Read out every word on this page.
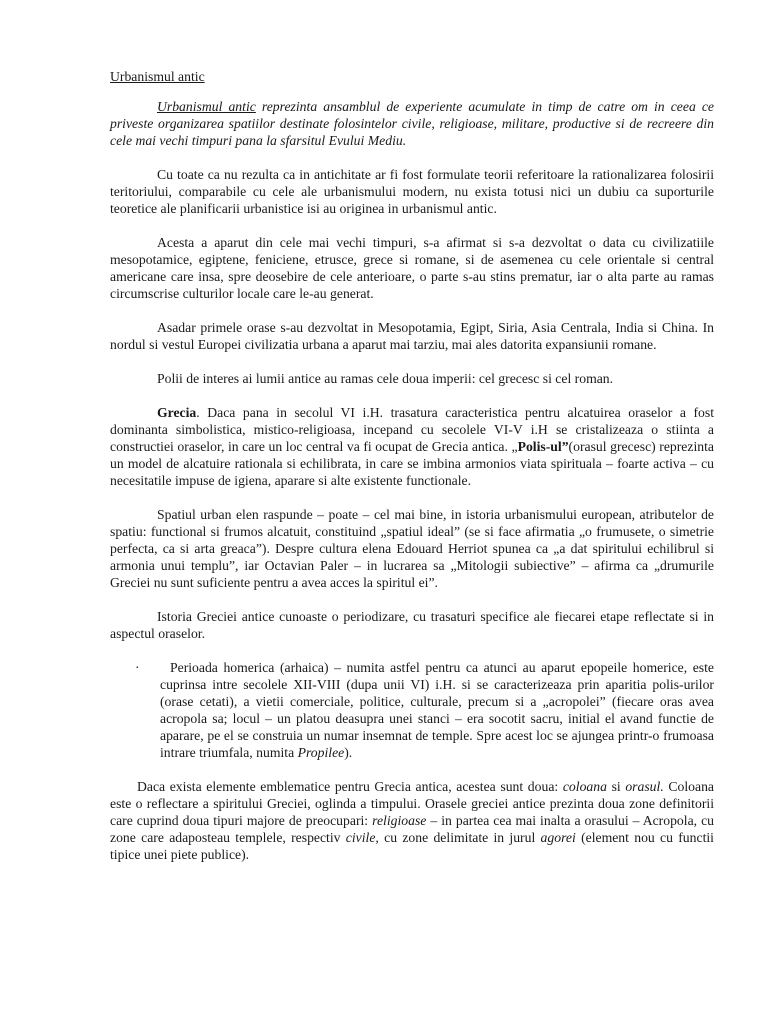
Urbanismul antic

Urbanismul antic reprezinta ansamblul de experiente acumulate in timp de catre om in ceea ce priveste organizarea spatiilor destinate folosintelor civile, religioase, militare, productive si de recreere din cele mai vechi timpuri pana la sfarsitul Evului Mediu.

Cu toate ca nu rezulta ca in antichitate ar fi fost formulate teorii referitoare la rationalizarea folosirii teritoriului, comparabile cu cele ale urbanismului modern, nu exista totusi nici un dubiu ca suporturile teoretice ale planificarii urbanistice isi au originea in urbanismul antic.

Acesta a aparut din cele mai vechi timpuri, s-a afirmat si s-a dezvoltat o data cu civilizatiile mesopotamice, egiptene, feniciene, etrusce, grece si romane, si de asemenea cu cele orientale si central americane care insa, spre deosebire de cele anterioare, o parte s-au stins prematur, iar o alta parte au ramas circumscrise culturilor locale care le-au generat.

Asadar primele orase s-au dezvoltat in Mesopotamia, Egipt, Siria, Asia Centrala, India si China. In nordul si vestul Europei civilizatia urbana a aparut mai tarziu, mai ales datorita expansiunii romane.

Polii de interes ai lumii antice au ramas cele doua imperii: cel grecesc si cel roman.

Grecia. Daca pana in secolul VI i.H. trasatura caracteristica pentru alcatuirea oraselor a fost dominanta simbolistica, mistico-religioasa, incepand cu secolele VI-V i.H se cristalizeaza o stiinta a constructiei oraselor, in care un loc central va fi ocupat de Grecia antica. „Polis-ul”(orasul grecesc) reprezinta un model de alcatuire rationala si echilibrata, in care se imbina armonios viata spirituala – foarte activa – cu necesitatile impuse de igiena, aparare si alte existente functionale.

Spatiul urban elen raspunde – poate – cel mai bine, in istoria urbanismului european, atributelor de spatiu: functional si frumos alcatuit, constituind „spatiul ideal” (se si face afirmatia „o frumusete, o simetrie perfecta, ca si arta greaca”). Despre cultura elena Edouard Herriot spunea ca „a dat spiritului echilibrul si armonia unui templu”, iar Octavian Paler – in lucrarea sa „Mitologii subiective” – afirma ca „drumurile Greciei nu sunt suficiente pentru a avea acces la spiritul ei”.

Istoria Greciei antice cunoaste o periodizare, cu trasaturi specifice ale fiecarei etape reflectate si in aspectul oraselor.

·	Perioada homerica (arhaica) – numita astfel pentru ca atunci au aparut epopeile homerice, este cuprinsa intre secolele XII-VIII (dupa unii VI) i.H. si se caracterizeaza prin aparitia polis-urilor (orase cetati), a vietii comerciale, politice, culturale, precum si a „acropolei” (fiecare oras avea acropola sa; locul – un platou deasupra unei stanci – era socotit sacru, initial el avand functie de aparare, pe el se construia un numar insemnat de temple. Spre acest loc se ajungea printr-o frumoasa intrare triumfala, numita Propilee).

Daca exista elemente emblematice pentru Grecia antica, acestea sunt doua: coloana si orasul. Coloana este o reflectare a spiritului Greciei, oglinda a timpului. Orasele greciei antice prezinta doua zone definitorii care cuprind doua tipuri majore de preocupari: religioase – in partea cea mai inalta a orasului – Acropola, cu zone care adaposteau templele, respectiv civile, cu zone delimitate in jurul agorei (element nou cu functii tipice unei piete publice).
